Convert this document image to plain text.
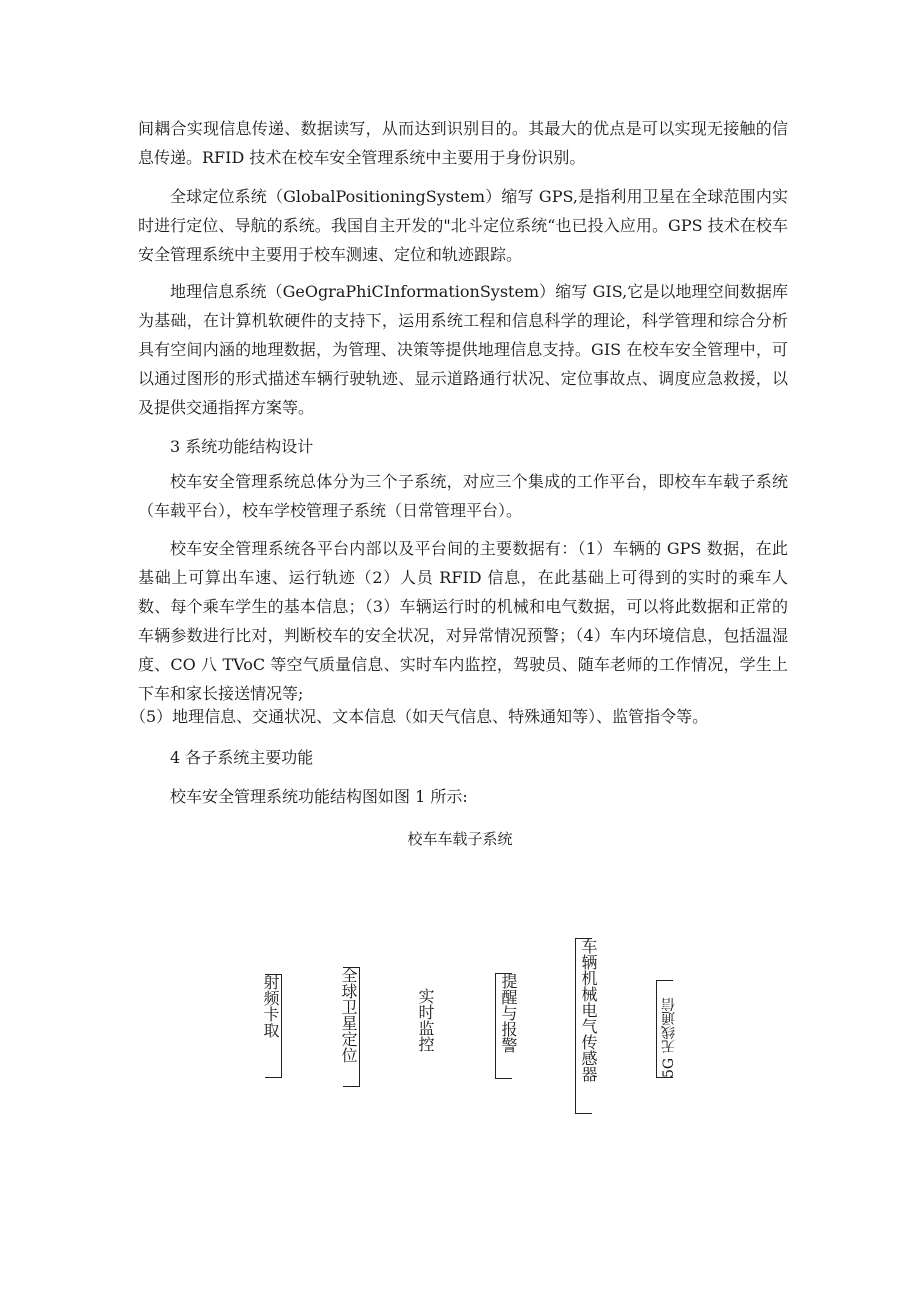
间耦合实现信息传递、数据读写，从而达到识别目的。其最大的优点是可以实现无接触的信息传递。RFID 技术在校车安全管理系统中主要用于身份识别。

全球定位系统（GlobalPositioningSystem）缩写 GPS,是指利用卫星在全球范围内实时进行定位、导航的系统。我国自主开发的"北斗定位系统“也已投入应用。GPS 技术在校车安全管理系统中主要用于校车测速、定位和轨迹跟踪。

地理信息系统（GeOgraPhiCInformationSystem）缩写 GIS,它是以地理空间数据库为基础，在计算机软硬件的支持下，运用系统工程和信息科学的理论，科学管理和综合分析具有空间内涵的地理数据，为管理、决策等提供地理信息支持。GIS 在校车安全管理中，可以通过图形的形式描述车辆行驶轨迹、显示道路通行状况、定位事故点、调度应急救援，以及提供交通指挥方案等。

3 系统功能结构设计

校车安全管理系统总体分为三个子系统，对应三个集成的工作平台，即校车车载子系统（车载平台），校车学校管理子系统（日常管理平台）。

校车安全管理系统各平台内部以及平台间的主要数据有：（1）车辆的 GPS 数据，在此基础上可算出车速、运行轨迹（2）人员 RFID 信息，在此基础上可得到的实时的乘车人数、每个乘车学生的基本信息；（3）车辆运行时的机械和电气数据，可以将此数据和正常的车辆参数进行比对，判断校车的安全状况，对异常情况预警；（4）车内环境信息，包括温湿度、CO 八 TVoC 等空气质量信息、实时车内监控，驾驶员、随车老师的工作情况，学生上下车和家长接送情况等;

（5）地理信息、交通状况、文本信息（如天气信息、特殊通知等）、监管指令等。

4 各子系统主要功能

校车安全管理系统功能结构图如图 1 所示:

校车车载子系统
射频卡取	全球卫星定位	实时监控	提醒与报警	车辆机械电气传感器	5G 无线通信
